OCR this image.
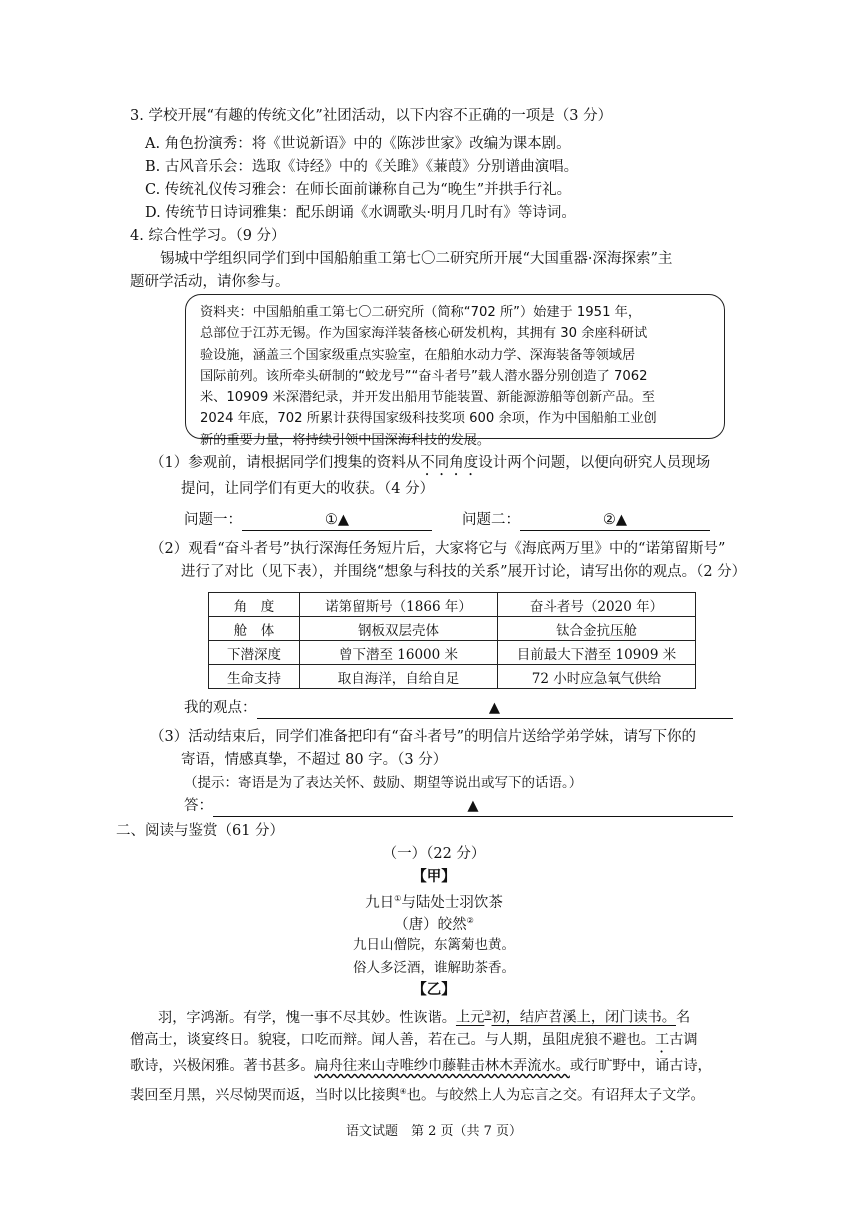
3. 学校开展“有趣的传统文化”社团活动，以下内容不正确的一项是（3 分）
A. 角色扮演秀：将《世说新语》中的《陈涉世家》改编为课本剧。
B. 古风音乐会：选取《诗经》中的《关雎》《蒹葭》分别谱曲演唱。
C. 传统礼仪传习雅会：在师长面前谦称自己为“晚生”并拱手行礼。
D. 传统节日诗词雅集：配乐朗诵《水调歌头·明月几时有》等诗词。
4. 综合性学习。（9 分）
锡城中学组织同学们到中国船舶重工第七〇二研究所开展“大国重器·深海探索”主
题研学活动，请你参与。
资料夹：中国船舶重工第七〇二研究所（简称“702 所”）始建于 1951 年，
总部位于江苏无锡。作为国家海洋装备核心研发机构，其拥有 30 余座科研试
验设施，涵盖三个国家级重点实验室，在船舶水动力学、深海装备等领域居
国际前列。该所牵头研制的“蛟龙号”“奋斗者号”载人潜水器分别创造了 7062
米、10909 米深潜纪录，并开发出船用节能装置、新能源游船等创新产品。至
2024 年底，702 所累计获得国家级科技奖项 600 余项，作为中国船舶工业创
新的重要力量，将持续引领中国深海科技的发展。
（1）参观前，请根据同学们搜集的资料从不同角度设计两个问题，以便向研究人员现场
提问，让同学们有更大的收获。（4 分）
问题一：	①▲	问题二：	②▲
（2）观看“奋斗者号”执行深海任务短片后，大家将它与《海底两万里》中的“诺第留斯号”
进行了对比（见下表），并围绕“想象与科技的关系”展开讨论，请写出你的观点。（2 分）
角　度	诺第留斯号（1866 年）	奋斗者号（2020 年）
舱　体	钢板双层壳体	钛合金抗压舱
下潜深度	曾下潜至 16000 米	目前最大下潜至 10909 米
生命支持	取自海洋，自给自足	72 小时应急氧气供给
我的观点：	▲
（3）活动结束后，同学们准备把印有“奋斗者号”的明信片送给学弟学妹，请写下你的
寄语，情感真挚，不超过 80 字。（3 分）
（提示：寄语是为了表达关怀、鼓励、期望等说出或写下的话语。）
答：	▲
二、阅读与鉴赏（61 分）
（一）（22 分）
【甲】
九日①与陆处士羽饮茶
（唐）皎然②
九日山僧院，东篱菊也黄。
俗人多泛酒，谁解助茶香。
【乙】
羽，字鸿渐。有学，愧一事不尽其妙。性诙谐。上元③初，结庐苕溪上，闭门读书。名
僧高士，谈宴终日。貌寝，口吃而辩。闻人善，若在己。与人期，虽阻虎狼不避也。工古调
歌诗，兴极闲雅。著书甚多。扁舟往来山寺唯纱巾藤鞋击林木弄流水。或行旷野中，诵古诗，
裴回至月黑，兴尽恸哭而返，当时以比接舆④也。与皎然上人为忘言之交。有诏拜太子文学。
语文试题　第 2 页（共 7 页）
